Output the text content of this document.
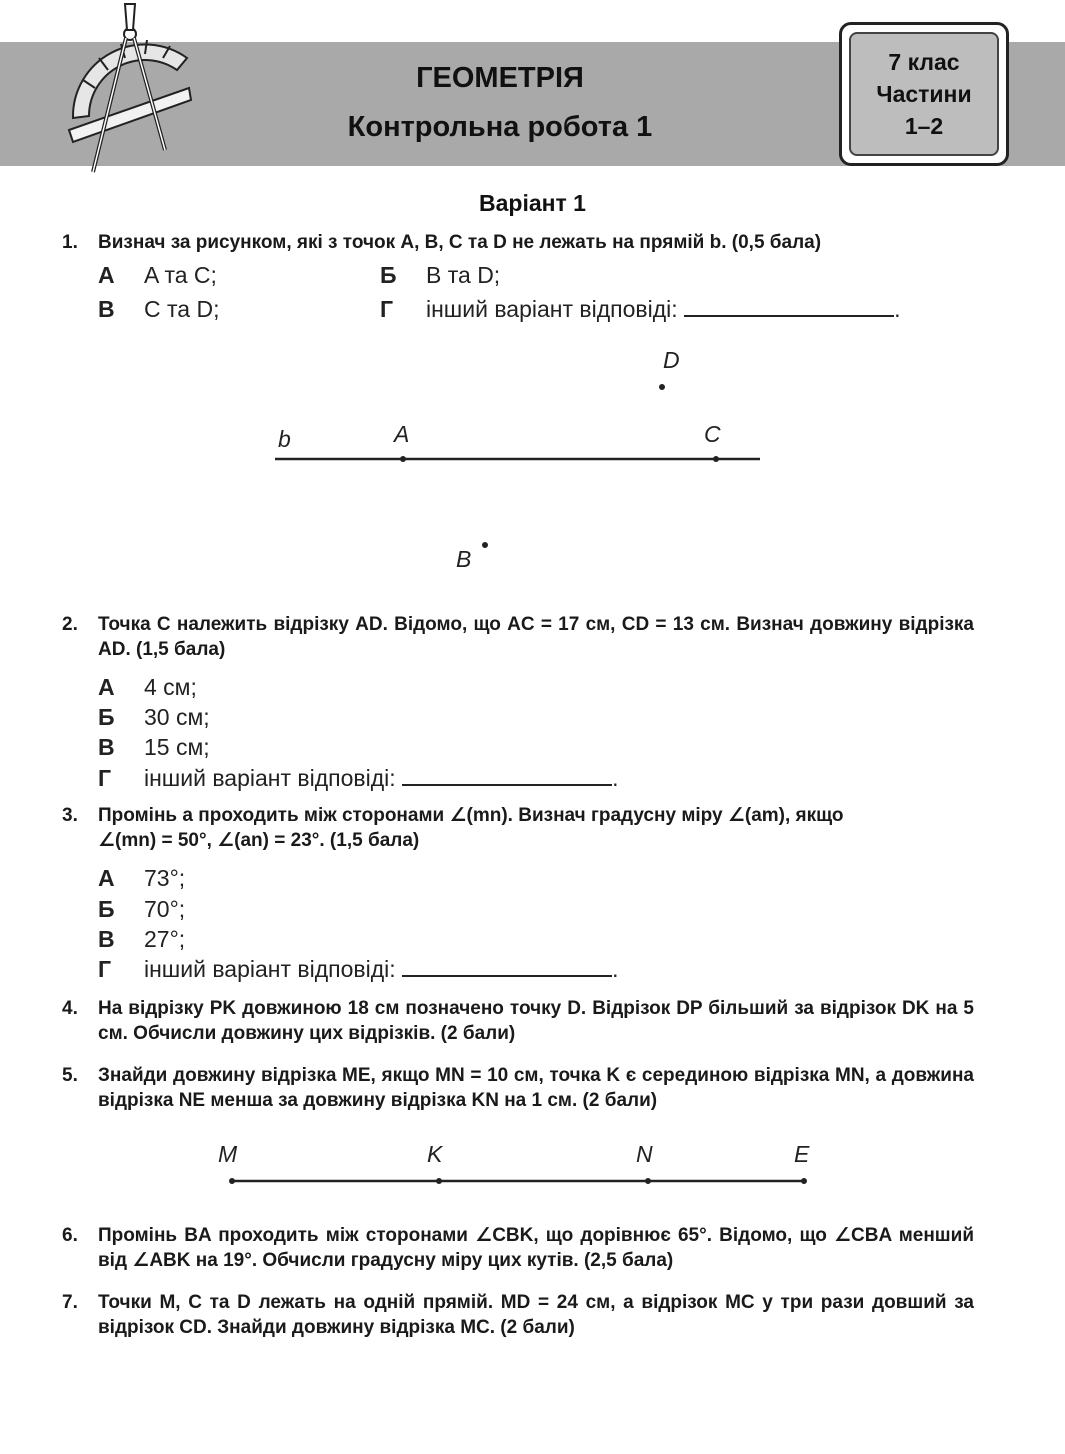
ГЕОМЕТРІЯ
Контрольна робота 1
7 клас
Частини
1–2
Варіант 1
1.	Визнач за рисунком, які з точок A, B, C та D не лежать на прямій b. (0,5 бала)
А A та C;	Б B та D;
В C та D;	Г інший варіант відповіді:	.
b	A	C
D
B
M	K	N	E
2.	Точка C належить відрізку AD. Відомо, що AC = 17 см, CD = 13 см. Визнач довжину відрізка AD. (1,5 бала)
А 4 см;
Б 30 см;
В 15 см;
Г інший варіант відповіді:	.
3. Промінь a проходить між сторонами ∠(mn). Визнач градусну міру ∠(am), якщо
∠(mn) = 50°, ∠(an) = 23°. (1,5 бала)
А 73°;
Б 70°;
В 27°;
Г інший варіант відповіді:	.
4.	На відрізку PK довжиною 18 см позначено точку D. Відрізок DP більший за відрізок DK на 5 см. Обчисли довжину цих відрізків. (2 бали)
5.	Знайди довжину відрізка ME, якщо MN = 10 см, точка K є серединою відрізка MN, а довжина відрізка NE менша за довжину відрізка KN на 1 см. (2 бали)
6.	Промінь BA проходить між сторонами ∠CBK, що дорівнює 65°. Відомо, що ∠CBA менший від ∠ABK на 19°. Обчисли градусну міру цих кутів. (2,5 бала)
7.	Точки M, C та D лежать на одній прямій. MD = 24 см, а відрізок MC у три рази довший за відрізок CD. Знайди довжину відрізка MC. (2 бали)
